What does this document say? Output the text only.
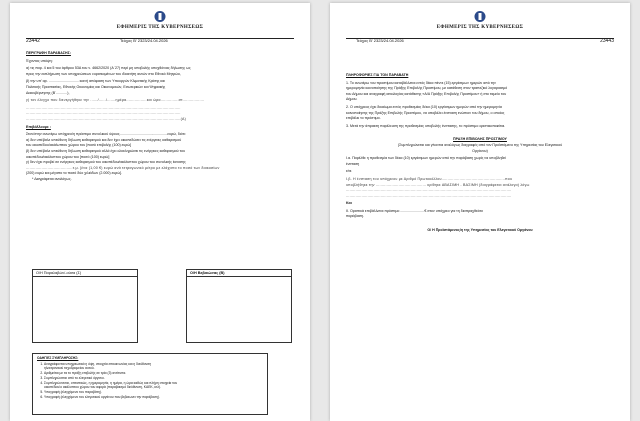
ΕΦΗΜΕΡΙΣ ΤΗΣ ΚΥΒΕΡΝΗΣΕΩΣ
23442	Τεύχος Β’ 2323/24.04.2026
ΠΕΡΙΓΡΑΦΗ ΠΑΡΑΒΑΣΗΣ:
Έχοντας υπόψη:
α) τις παρ. 4 και 5 του άρθρου 53Α του ν. 4662/2020 (Α΄27) περί μη υποβολής υποχθόνιας δήλωσης ως
προς την εκπλήρωση των υποχρεώσεων ευρισκομένων του ιδιοκτήτη αυτών στο Εθνικό Μητρώο,
β) την υπ’ αρ. .............................. κοινή απόφαση των Υπουργών Κλιματικής Κρίσης και
Πολιτικής Προστασίας, Εθνικής Οικονομίας και Οικονομικών, Εσωτερικών και Ψηφιακής
Διακυβέρνησης (Β΄...........),
γ) τον έλεγχο που διενεργήθηκε την ....../....../.......ημέρα.................και ώρα...............στ..................
.................................................................................................................................
.................................................................................................................................
.................................................................................................................................(Α)
Επιβάλλουμε :
Στον/στην ανωτέρω υπόχρεο/η πρόστιμο συνολικού ύψους................................................ευρώ, διότι:
α) δεν υπέβαλε υπεύθυνη δήλωση καθαρισμού και δεν έχει οικοπεδώσει τις ενέργειες καθαρισμού
του οικοπέδου/ακάλυπτου χώρου του [ποσό επιβολής (100) ευρώ]
β) δεν υπέβαλε υπεύθυνη δήλωση καθαρισμού αλλά έχει ολοκληρώσει τις ενέργειες καθαρισμού του
οικοπέδου/ακάλυπτου χώρου του [ποσό (100) ευρώ]
γ) δεν έχει προβεί σε ενέργειες καθαρισμού του οικοπέδου/ακάλυπτου χώρου του συνολικής έκτασης
.......................................τ.μ. [ένα (1,00 €) ευρώ ανά τετραγωνικό μέτρο με ελάχιστο το ποσό των διακοσίων
(200) ευρώ και μέγιστο το ποσό δύο χιλιάδων (2.000) ευρώ].
* Διαγράφεται αναλόγως.
Ο/Η Παραλαβών/-ούσα (Σ)	Ο/Η Βεβαιώσας (Β)
ΟΔΗΓΙΕΣ ΣΥΜΠΛΗΡΩΣΗΣ:
1. Αναγράφονται υποχρεωτικά η όψη, στοιχεία επικοινωνίας και η διεύθυνση
ηλεκτρονικού ταχυδρομείου αυτού.
2. Αριθμείται με τα το πράξη επιβολής σε τρία (3) αντίτυπα.
3. Συμπληρώνεται από το ελεγκτικό όργανο.
4. Συμπληρώνονται, οπτιστικώς, η ημερομηνία, η ημέρα, η ώρα καθώς και πλήρη στοιχεία του
οικοπέδου/ο ακάλυπτου χώρου του αφορά (παραβαισμό διεύθυνση, ΚΑΕΚ, κτλ).
5. Υπογραφή (ελεγχόμενο του παραβάτη).
6. Υπογραφή (ελεγχόμενο του ελεγκτικού οργάνου που βεβαιωνει την παράβαση).
ΕΦΗΜΕΡΙΣ ΤΗΣ ΚΥΒΕΡΝΗΣΕΩΣ
Τεύχος Β’ 2323/24.04.2026	23443
ΠΛΗΡΟΦΟΡΙΕΣ ΓΙΑ ΤΟΝ ΠΑΡΑΒΑΤΗ
1. Το ανωτέρω του προστίμου καταβάλλεται εντός δέκα πέντε (15) εργάσιμων ημερών από την
ημερομηνία κοινοποίησης της Πράξης Επιβολής Προστίμου, με κατάθεση στον τραπεζικό λογαριασμό
του Δήμου και αναγραφή αιτιολογίας κατάθεσης «Α/Α Πράξης Επιβολής Προστίμου» ή στο ταμείο του
Δήμου.
2. Ο υπόχρεος έχει δικαίωμα εντός προθεσμίας δέκα (10) εργάσιμων ημερών από την ημερομηνία
κοινοποίησης της Πράξης Επιβολής Προστίμου, να υποβάλει ένσταση ενώπιον του δήμου, ο οποίος
επιβάλει το πρόστιμο.
3. Μετά την άπρακτη παρέλευση της προθεσμίας υποβολής ένστασης, το πρόστιμο οριστικοποιείται.
ΠΡΑΞΗ ΕΠΙΒΟΛΗΣ ΠΡΟΣΤΙΜΟΥ
(Συμπληρώνεται και γίνονται αναλόγως διαγραφές από τον Προϊστάμενο της Υπηρεσίας του Ελεγκτικού
Οργάνου)
Ι.α. Παρέλθε η προθεσμία των δέκα (10) εργάσιμων ημερών από την παράβαση χωρίς να υποβληθεί
ένσταση
είτε
Ι.β. Η ένσταση του υπόχρεου με Αριθμό Πρωτοκόλλου.....................................................που
υποβλήθηκε την .......................................... κρίθηκε ΑΒΑΣΙΜΗ - ΒΑΣΙΜΗ (διαγράφεται ανάλογα) λόγω
..........................................................................................................................................
..........................................................................................................................................
Και
ΙΙ. Οριστικά επιβάλλεται πρόστιμο ........................€ στον υπόχρεο για τη διαπραχθείσα
παράβαση.
Ο/ Η Προϊστάμενος/η της Υπηρεσίας του Ελεγκτικού Οργάνου
